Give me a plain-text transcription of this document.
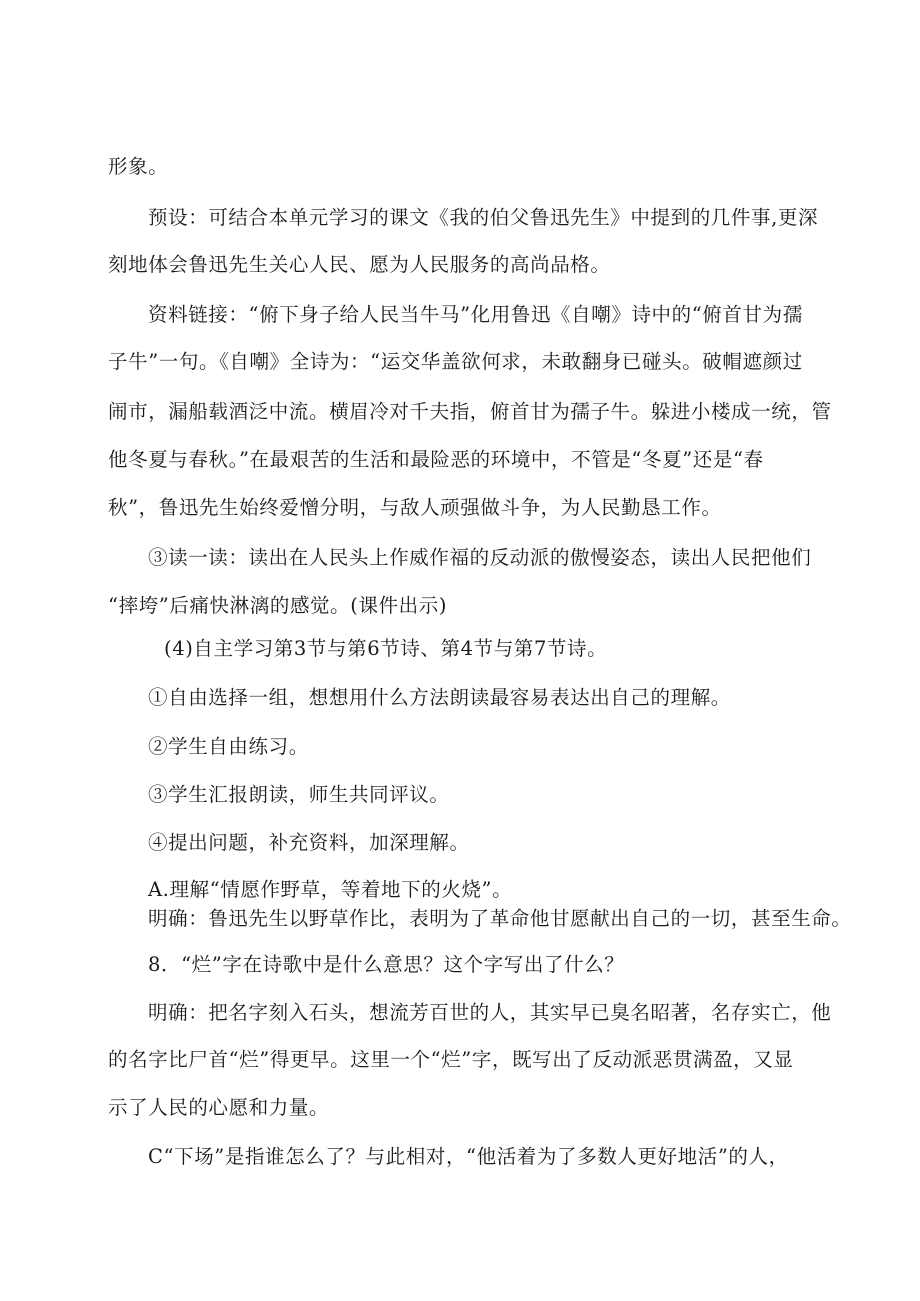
形象。
预设：可结合本单元学习的课文《我的伯父鲁迅先生》中提到的几件事,更深
刻地体会鲁迅先生关心人民、愿为人民服务的高尚品格。
资料链接：“俯下身子给人民当牛马”化用鲁迅《自嘲》诗中的“俯首甘为孺
子牛”一句。《自嘲》全诗为：“运交华盖欲何求，未敢翻身已碰头。破帽遮颜过
闹市，漏船载酒泛中流。横眉冷对千夫指，俯首甘为孺子牛。躲进小楼成一统，管
他冬夏与春秋。”在最艰苦的生活和最险恶的环境中，不管是“冬夏”还是“春
秋”，鲁迅先生始终爱憎分明，与敌人顽强做斗争，为人民勤恳工作。
③读一读：读出在人民头上作威作福的反动派的傲慢姿态，读出人民把他们
“摔垮”后痛快淋漓的感觉。(课件出示)
(4)自主学习第3节与第6节诗、第4节与第7节诗。
①自由选择一组，想想用什么方法朗读最容易表达出自己的理解。
②学生自由练习。
③学生汇报朗读，师生共同评议。
④提出问题，补充资料，加深理解。
A.理解“情愿作野草，等着地下的火烧”。
明确：鲁迅先生以野草作比，表明为了革命他甘愿献出自己的一切，甚至生命。
8．“烂”字在诗歌中是什么意思？这个字写出了什么？
明确：把名字刻入石头，想流芳百世的人，其实早已臭名昭著，名存实亡，他
的名字比尸首“烂”得更早。这里一个“烂”字，既写出了反动派恶贯满盈，又显
示了人民的心愿和力量。
C“下场”是指谁怎么了？与此相对，“他活着为了多数人更好地活”的人，
